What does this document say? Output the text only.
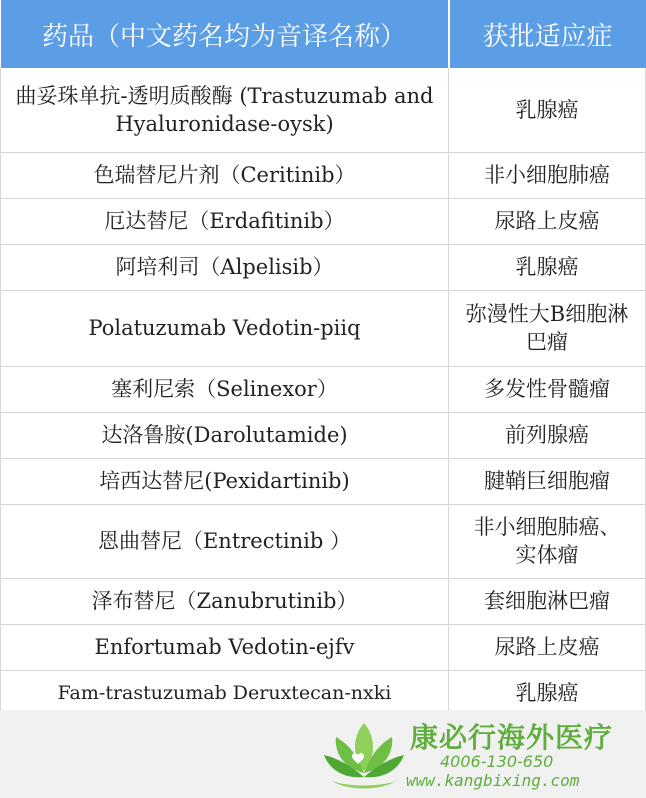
药品（中文药名均为音译名称）	获批适应症
曲妥珠单抗-透明质酸酶 (Trastuzumab and Hyaluronidase-oysk)	乳腺癌
色瑞替尼片剂（Ceritinib）	非小细胞肺癌
厄达替尼（Erdafitinib）	尿路上皮癌
阿培利司（Alpelisib）	乳腺癌
Polatuzumab Vedotin-piiq	弥漫性大B细胞淋巴瘤
塞利尼索（Selinexor）	多发性骨髓瘤
达洛鲁胺(Darolutamide)	前列腺癌
培西达替尼(Pexidartinib)	腱鞘巨细胞瘤
恩曲替尼（Entrectinib ）	非小细胞肺癌、实体瘤
泽布替尼（Zanubrutinib）	套细胞淋巴瘤
Enfortumab Vedotin-ejfv	尿路上皮癌
Fam-trastuzumab Deruxtecan-nxki	乳腺癌
康必行海外医疗
4006-130-650
www.kangbixing.com
